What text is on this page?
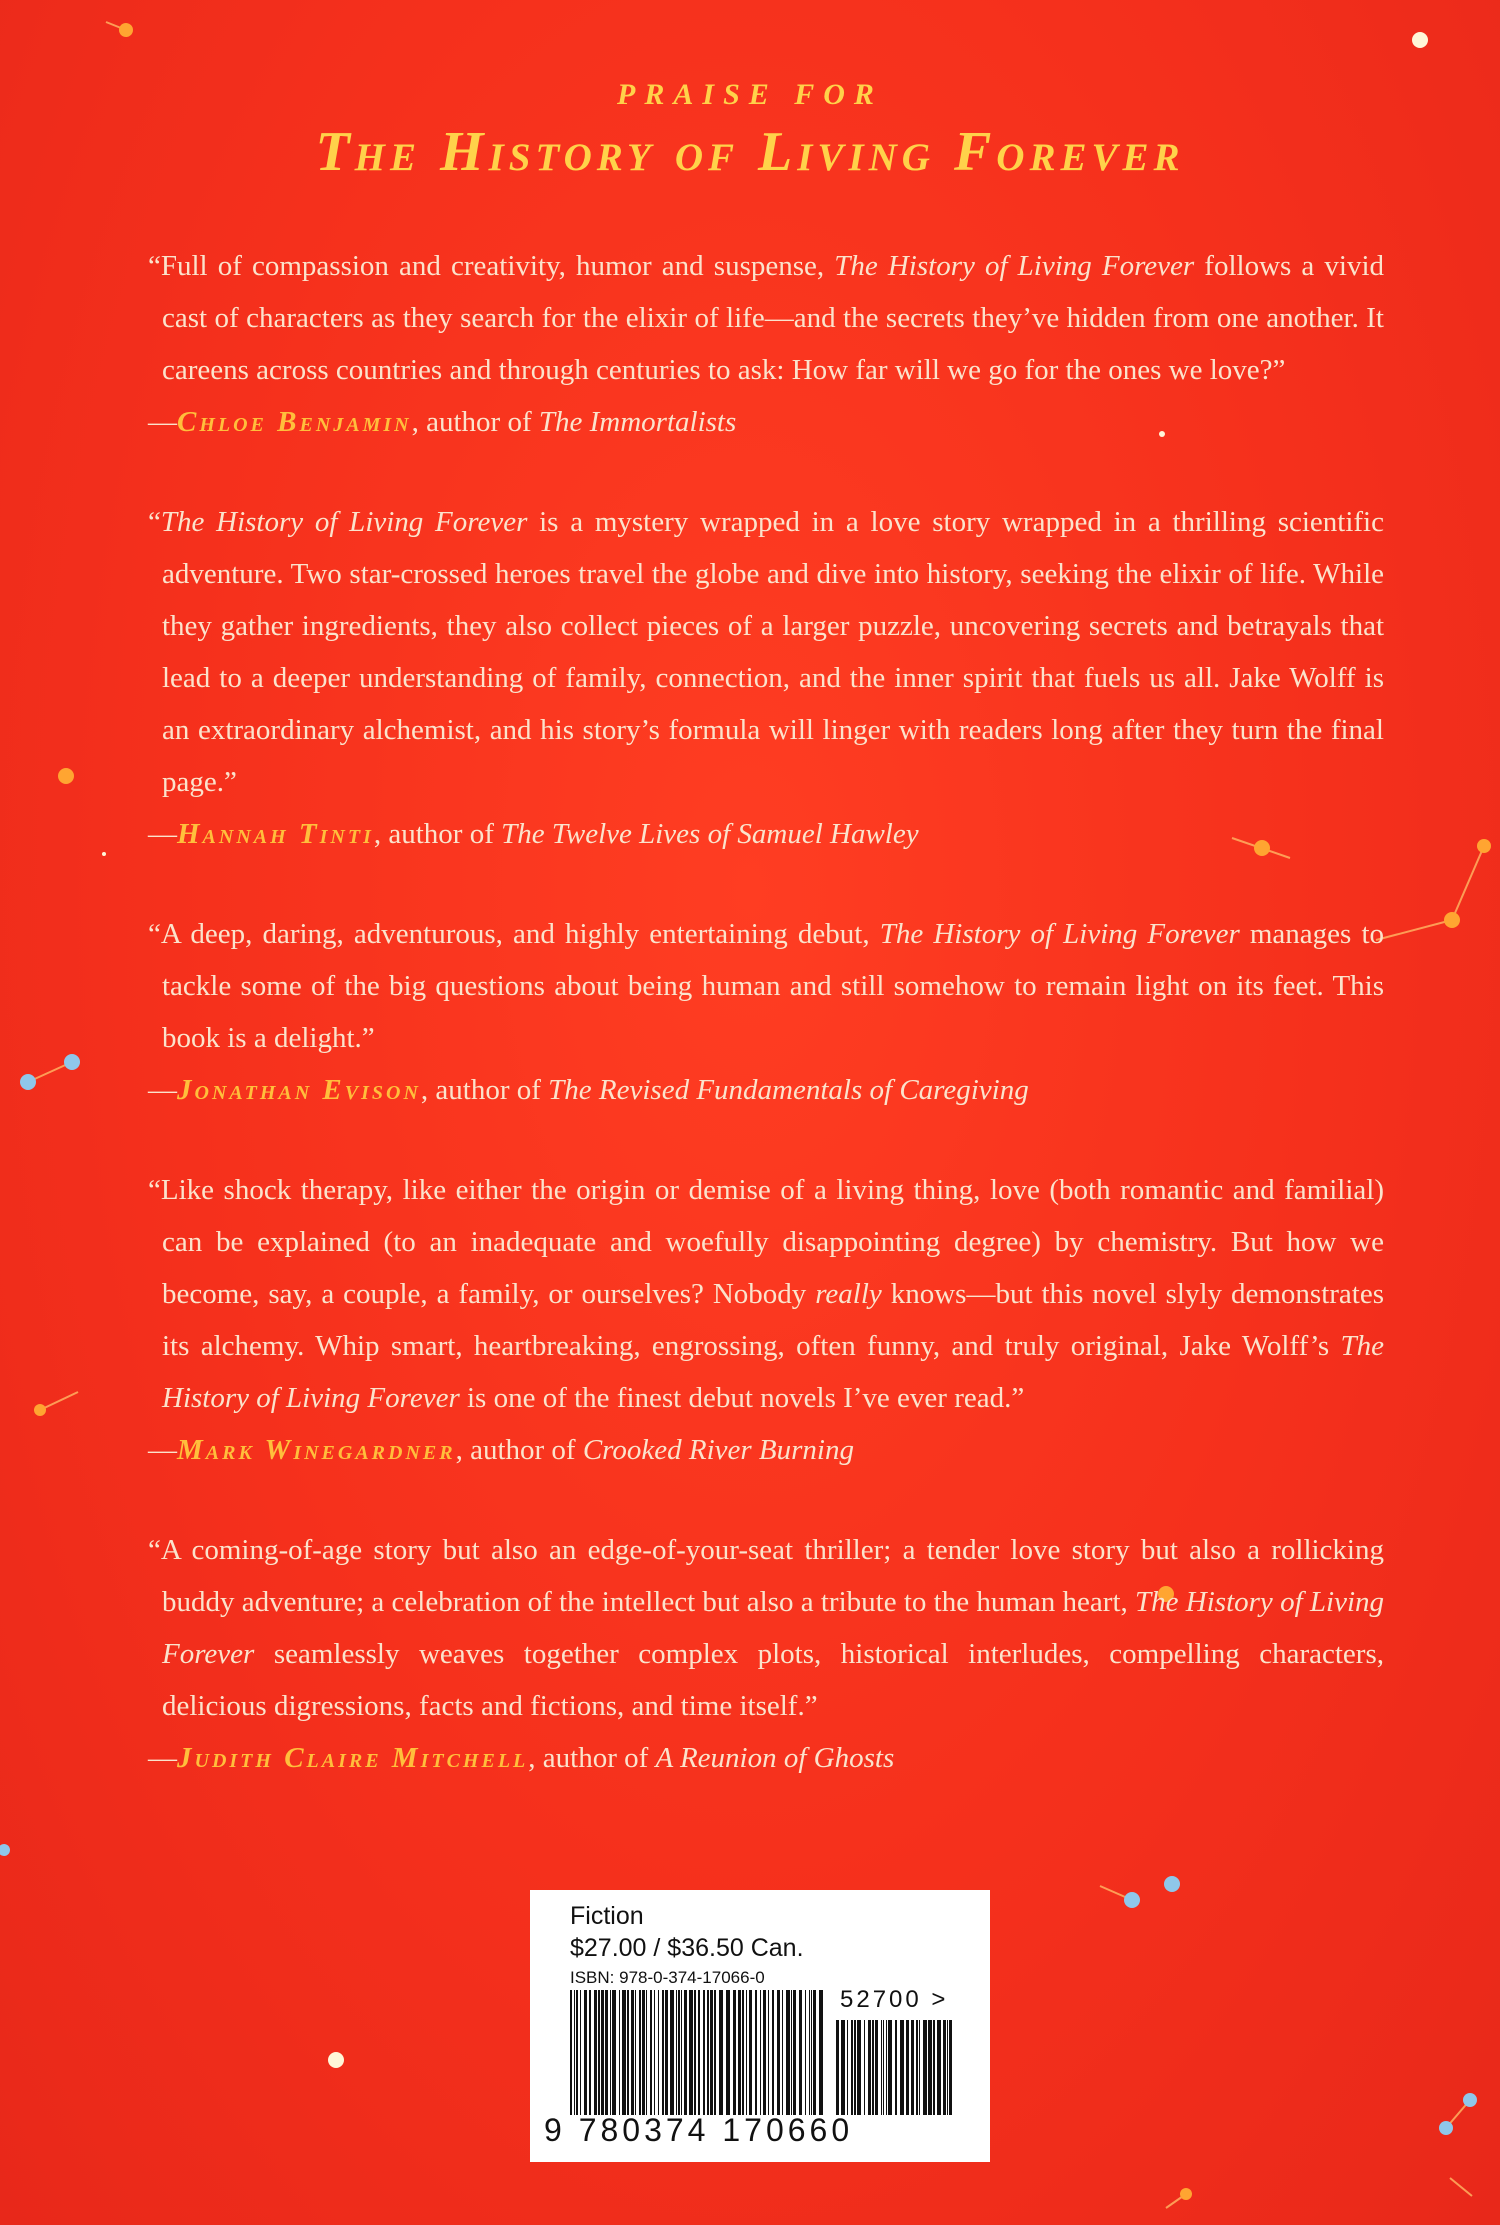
PRAISE FOR
The History of Living Forever

“Full of compassion and creativity, humor and suspense, The History of Living Forever follows a vivid cast of characters as they search for the elixir of life—and the secrets they’ve hidden from one another. It careens across countries and through centuries to ask: How far will we go for the ones we love?”

—Chloe Benjamin, author of The Immortalists

“The History of Living Forever is a mystery wrapped in a love story wrapped in a thrilling scientific adventure. Two star-crossed heroes travel the globe and dive into history, seeking the elixir of life. While they gather ingredients, they also collect pieces of a larger puzzle, uncovering secrets and betrayals that lead to a deeper understanding of family, connection, and the inner spirit that fuels us all. Jake Wolff is an extraordinary alchemist, and his story’s formula will linger with readers long after they turn the final page.”

—Hannah Tinti, author of The Twelve Lives of Samuel Hawley

“A deep, daring, adventurous, and highly entertaining debut, The History of Living Forever manages to tackle some of the big questions about being human and still somehow to remain light on its feet. This book is a delight.”

—Jonathan Evison, author of The Revised Fundamentals of Caregiving

“Like shock therapy, like either the origin or demise of a living thing, love (both romantic and familial) can be explained (to an inadequate and woefully disappointing degree) by chemistry. But how we become, say, a couple, a family, or ourselves? Nobody really knows—but this novel slyly demonstrates its alchemy. Whip smart, heartbreaking, engrossing, often funny, and truly original, Jake Wolff’s The History of Living Forever is one of the finest debut novels I’ve ever read.”

—Mark Winegardner, author of Crooked River Burning

“A coming-of-age story but also an edge-of-your-seat thriller; a tender love story but also a rollicking buddy adventure; a celebration of the intellect but also a tribute to the human heart, The History of Living Forever seamlessly weaves together complex plots, historical interludes, compelling characters, delicious digressions, facts and fictions, and time itself.”

—Judith Claire Mitchell, author of A Reunion of Ghosts

Fiction
$27.00 / $36.50 Can.
ISBN: 978-0-374-17066-0
52700 >
9 780374 170660
